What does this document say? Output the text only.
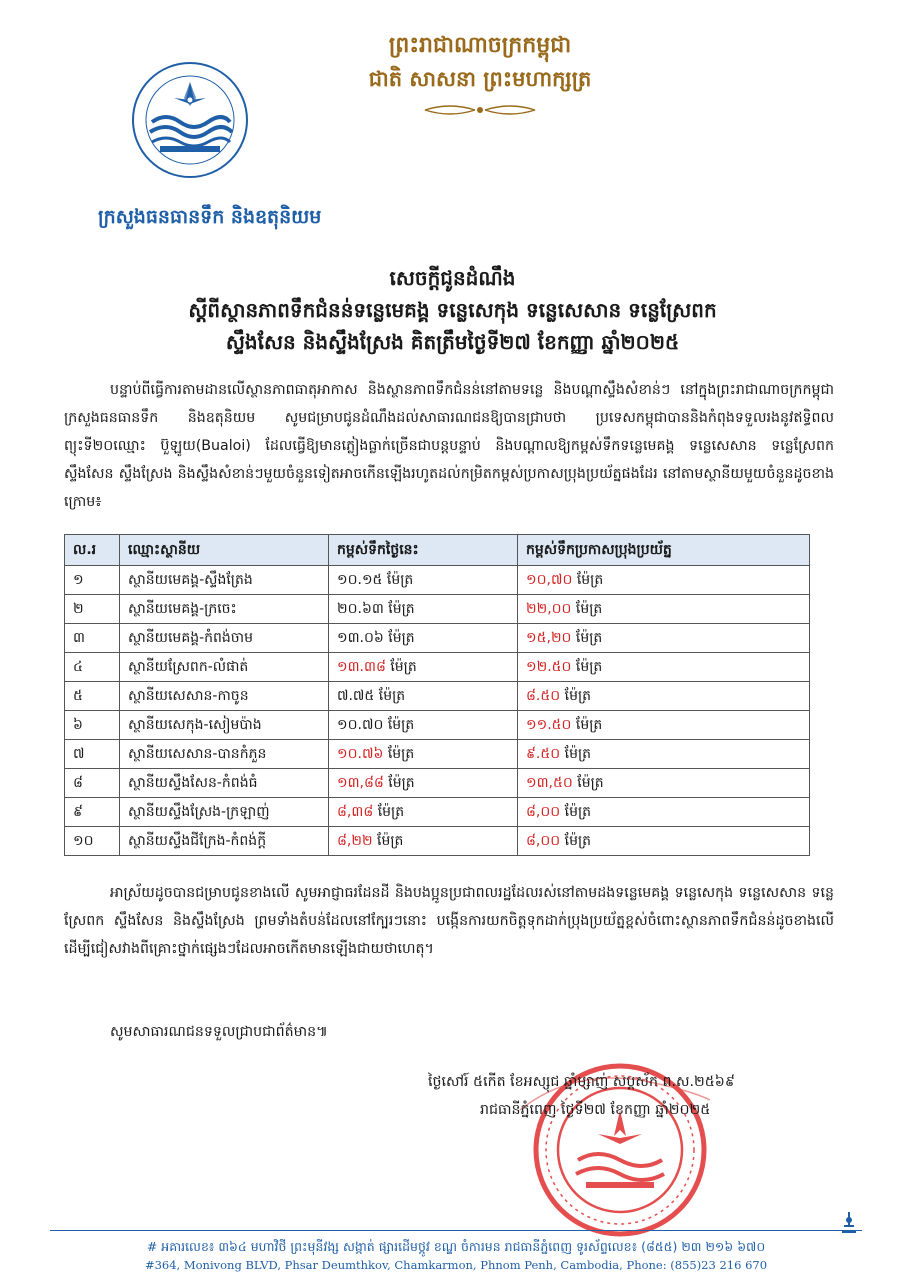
ព្រះរាជាណាចក្រកម្ពុជា
ជាតិ សាសនា ព្រះមហាក្សត្រ
ក្រសួងធនធានទឹក និងឧតុនិយម
សេចក្តីជូនដំណឹង
ស្តីពីស្ថានភាពទឹកជំនន់ទន្លេមេគង្គ ទន្លេសេកុង ទន្លេសេសាន ទន្លេស្រែពក
ស្ទឹងសែន និងស្ទឹងស្រែង គិតត្រឹមថ្ងៃទី២៧ ខែកញ្ញា ឆ្នាំ២០២៥

បន្ទាប់ពីធ្វើការតាមដានលើស្ថានភាពធាតុអាកាស និងស្ថានភាពទឹកជំនន់នៅតាមទន្លេ និងបណ្តាស្ទឹងសំខាន់ៗ នៅក្នុងព្រះរាជាណាចក្រកម្ពុជា ក្រសួងធនធានទឹក និងឧតុនិយម សូមជម្រាបជូនដំណឹងដល់សាធារណជនឱ្យបានជ្រាបថា ប្រទេសកម្ពុជាបាននិងកំពុងទទួលរងនូវឥទ្ធិពលព្យុះទី២០ឈ្មោះ ប៊ួឡូយ(Bualoi) ដែលធ្វើឱ្យមានភ្លៀងធ្លាក់ច្រើនជាបន្តបន្ទាប់ និងបណ្តាលឱ្យកម្ពស់ទឹកទន្លេមេគង្គ ទន្លេសេសាន ទន្លេស្រែពក ស្ទឹងសែន ស្ទឹងស្រែង និងស្ទឹងសំខាន់ៗមួយចំនួនទៀតអាចកើនឡើងរហូតដល់កម្រិតកម្ពស់ប្រកាសប្រុងប្រយ័ត្នផងដែរ នៅតាមស្ថានីយមួយចំនួនដូចខាងក្រោម៖

ល.រ	ឈ្មោះស្ថានីយ	កម្ពស់ទឹកថ្ងៃនេះ	កម្ពស់ទឹកប្រកាសប្រុងប្រយ័ត្ន
១	ស្ថានីយមេគង្គ-ស្ទឹងត្រែង	១០.១៥ ម៉ែត្រ	១០,៧០ ម៉ែត្រ
២	ស្ថានីយមេគង្គ-ក្រចេះ	២០.៦៣ ម៉ែត្រ	២២,០០ ម៉ែត្រ
៣	ស្ថានីយមេគង្គ-កំពង់ចាម	១៣.០៦ ម៉ែត្រ	១៥,២០ ម៉ែត្រ
៤	ស្ថានីយស្រែពក-លំផាត់	១៣.៣៨ ម៉ែត្រ	១២.៥០ ម៉ែត្រ
៥	ស្ថានីយសេសាន-កាចូន	៧.៧៥ ម៉ែត្រ	៨.៥០ ម៉ែត្រ
៦	ស្ថានីយសេកុង-សៀមប៉ាង	១០.៧០ ម៉ែត្រ	១១.៥០ ម៉ែត្រ
៧	ស្ថានីយសេសាន-បានកំភួន	១០.៧៦ ម៉ែត្រ	៩.៥០ ម៉ែត្រ
៨	ស្ថានីយស្ទឹងសែន-កំពង់ធំ	១៣,៨៨ ម៉ែត្រ	១៣,៥០ ម៉ែត្រ
៩	ស្ថានីយស្ទឹងស្រែង-ក្រឡាញ់	៨,៣៨ ម៉ែត្រ	៨,០០ ម៉ែត្រ
១០	ស្ថានីយស្ទឹងជីក្រែង-កំពង់ក្តី	៨,២២ ម៉ែត្រ	៨,០០ ម៉ែត្រ

អាស្រ័យដូចបានជម្រាបជូនខាងលើ សូមអាជ្ញាធរដែនដី និងបងប្អូនប្រជាពលរដ្ឋដែលរស់នៅតាមដងទន្លេមេគង្គ ទន្លេសេកុង ទន្លេសេសាន ទន្លេស្រែពក ស្ទឹងសែន និងស្ទឹងស្រែង ព្រមទាំងតំបន់ដែលនៅក្បែរៗនោះ បង្កើនការយកចិត្តទុកដាក់ប្រុងប្រយ័ត្នខ្ពស់ចំពោះស្ថានភាពទឹកជំនន់ដូចខាងលើ ដើម្បីជៀសវាងពីគ្រោះថ្នាក់ផ្សេងៗដែលអាចកើតមានឡើងជាយថាហេតុ។

សូមសាធារណជនទទួលជ្រាបជាព័ត៌មាន៕

ថ្ងៃសៅរ៍ ៥កើត ខែអស្សុជ ឆ្នាំម្សាញ់ សប្តស័ក ព.ស.២៥៦៩
រាជធានីភ្នំពេញ ថ្ងៃទី២៧ ខែកញ្ញា ឆ្នាំ២០២៥
# អគារលេខ៖ ៣៦៤ មហាវិថី ព្រះមុនីវង្ស សង្កាត់ ផ្សារដើមថ្កូវ ខណ្ឌ ចំការមន រាជធានីភ្នំពេញ ទូរស័ព្ទលេខ៖ (៨៥៥) ២៣ ២១៦ ៦៧០
#364, Monivong BLVD, Phsar Deumthkov, Chamkarmon, Phnom Penh, Cambodia, Phone: (855)23 216 670
